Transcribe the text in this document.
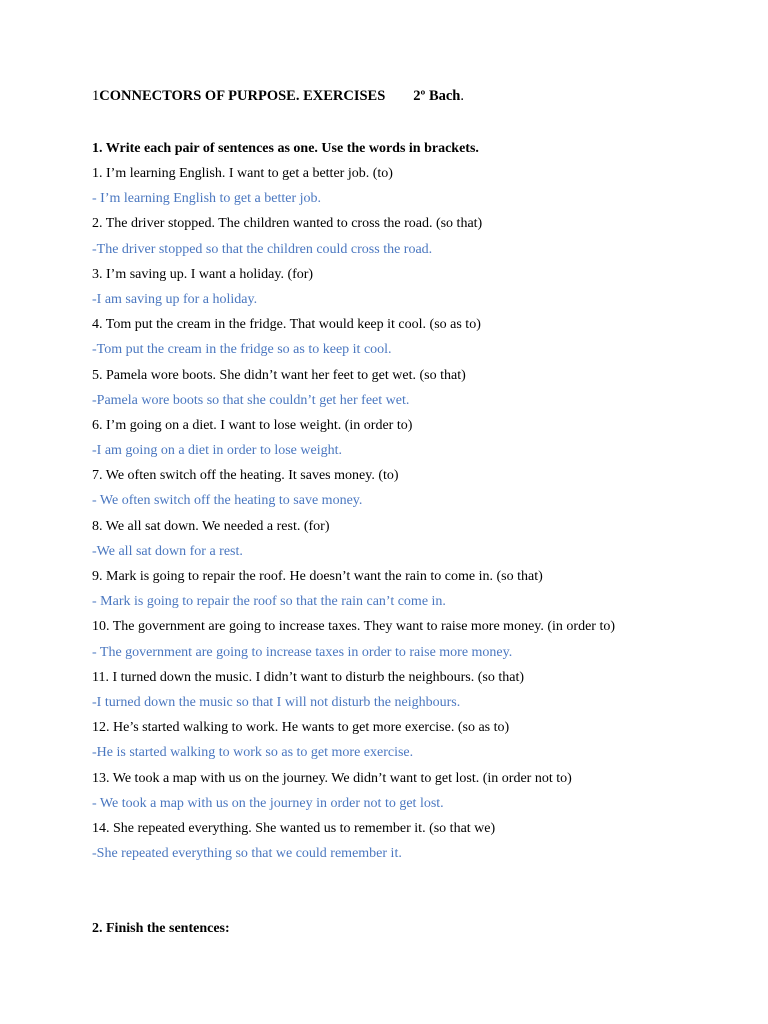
1CONNECTORS OF PURPOSE. EXERCISES 2º Bach.
1. Write each pair of sentences as one. Use the words in brackets.
1. I’m learning English. I want to get a better job. (to)
- I’m learning English to get a better job.
2. The driver stopped. The children wanted to cross the road. (so that)
-The driver stopped so that the children could cross the road.
3. I’m saving up. I want a holiday. (for)
-I am saving up for a holiday.
4. Tom put the cream in the fridge. That would keep it cool. (so as to)
-Tom put the cream in the fridge so as to keep it cool.
5. Pamela wore boots. She didn’t want her feet to get wet. (so that)
-Pamela wore boots so that she couldn’t get her feet wet.
6. I’m going on a diet. I want to lose weight. (in order to)
-I am going on a diet in order to lose weight.
7. We often switch off the heating. It saves money. (to)
- We often switch off the heating to save money.
8. We all sat down. We needed a rest. (for)
-We all sat down for a rest.
9. Mark is going to repair the roof. He doesn’t want the rain to come in. (so that)
- Mark is going to repair the roof so that the rain can’t come in.
10. The government are going to increase taxes. They want to raise more money. (in order to)
- The government are going to increase taxes in order to raise more money.
11. I turned down the music. I didn’t want to disturb the neighbours. (so that)
-I turned down the music so that I will not disturb the neighbours.
12. He’s started walking to work. He wants to get more exercise. (so as to)
-He is started walking to work so as to get more exercise.
13. We took a map with us on the journey. We didn’t want to get lost. (in order not to)
- We took a map with us on the journey in order not to get lost.
14. She repeated everything. She wanted us to remember it. (so that we)
-She repeated everything so that we could remember it.
2. Finish the sentences:
